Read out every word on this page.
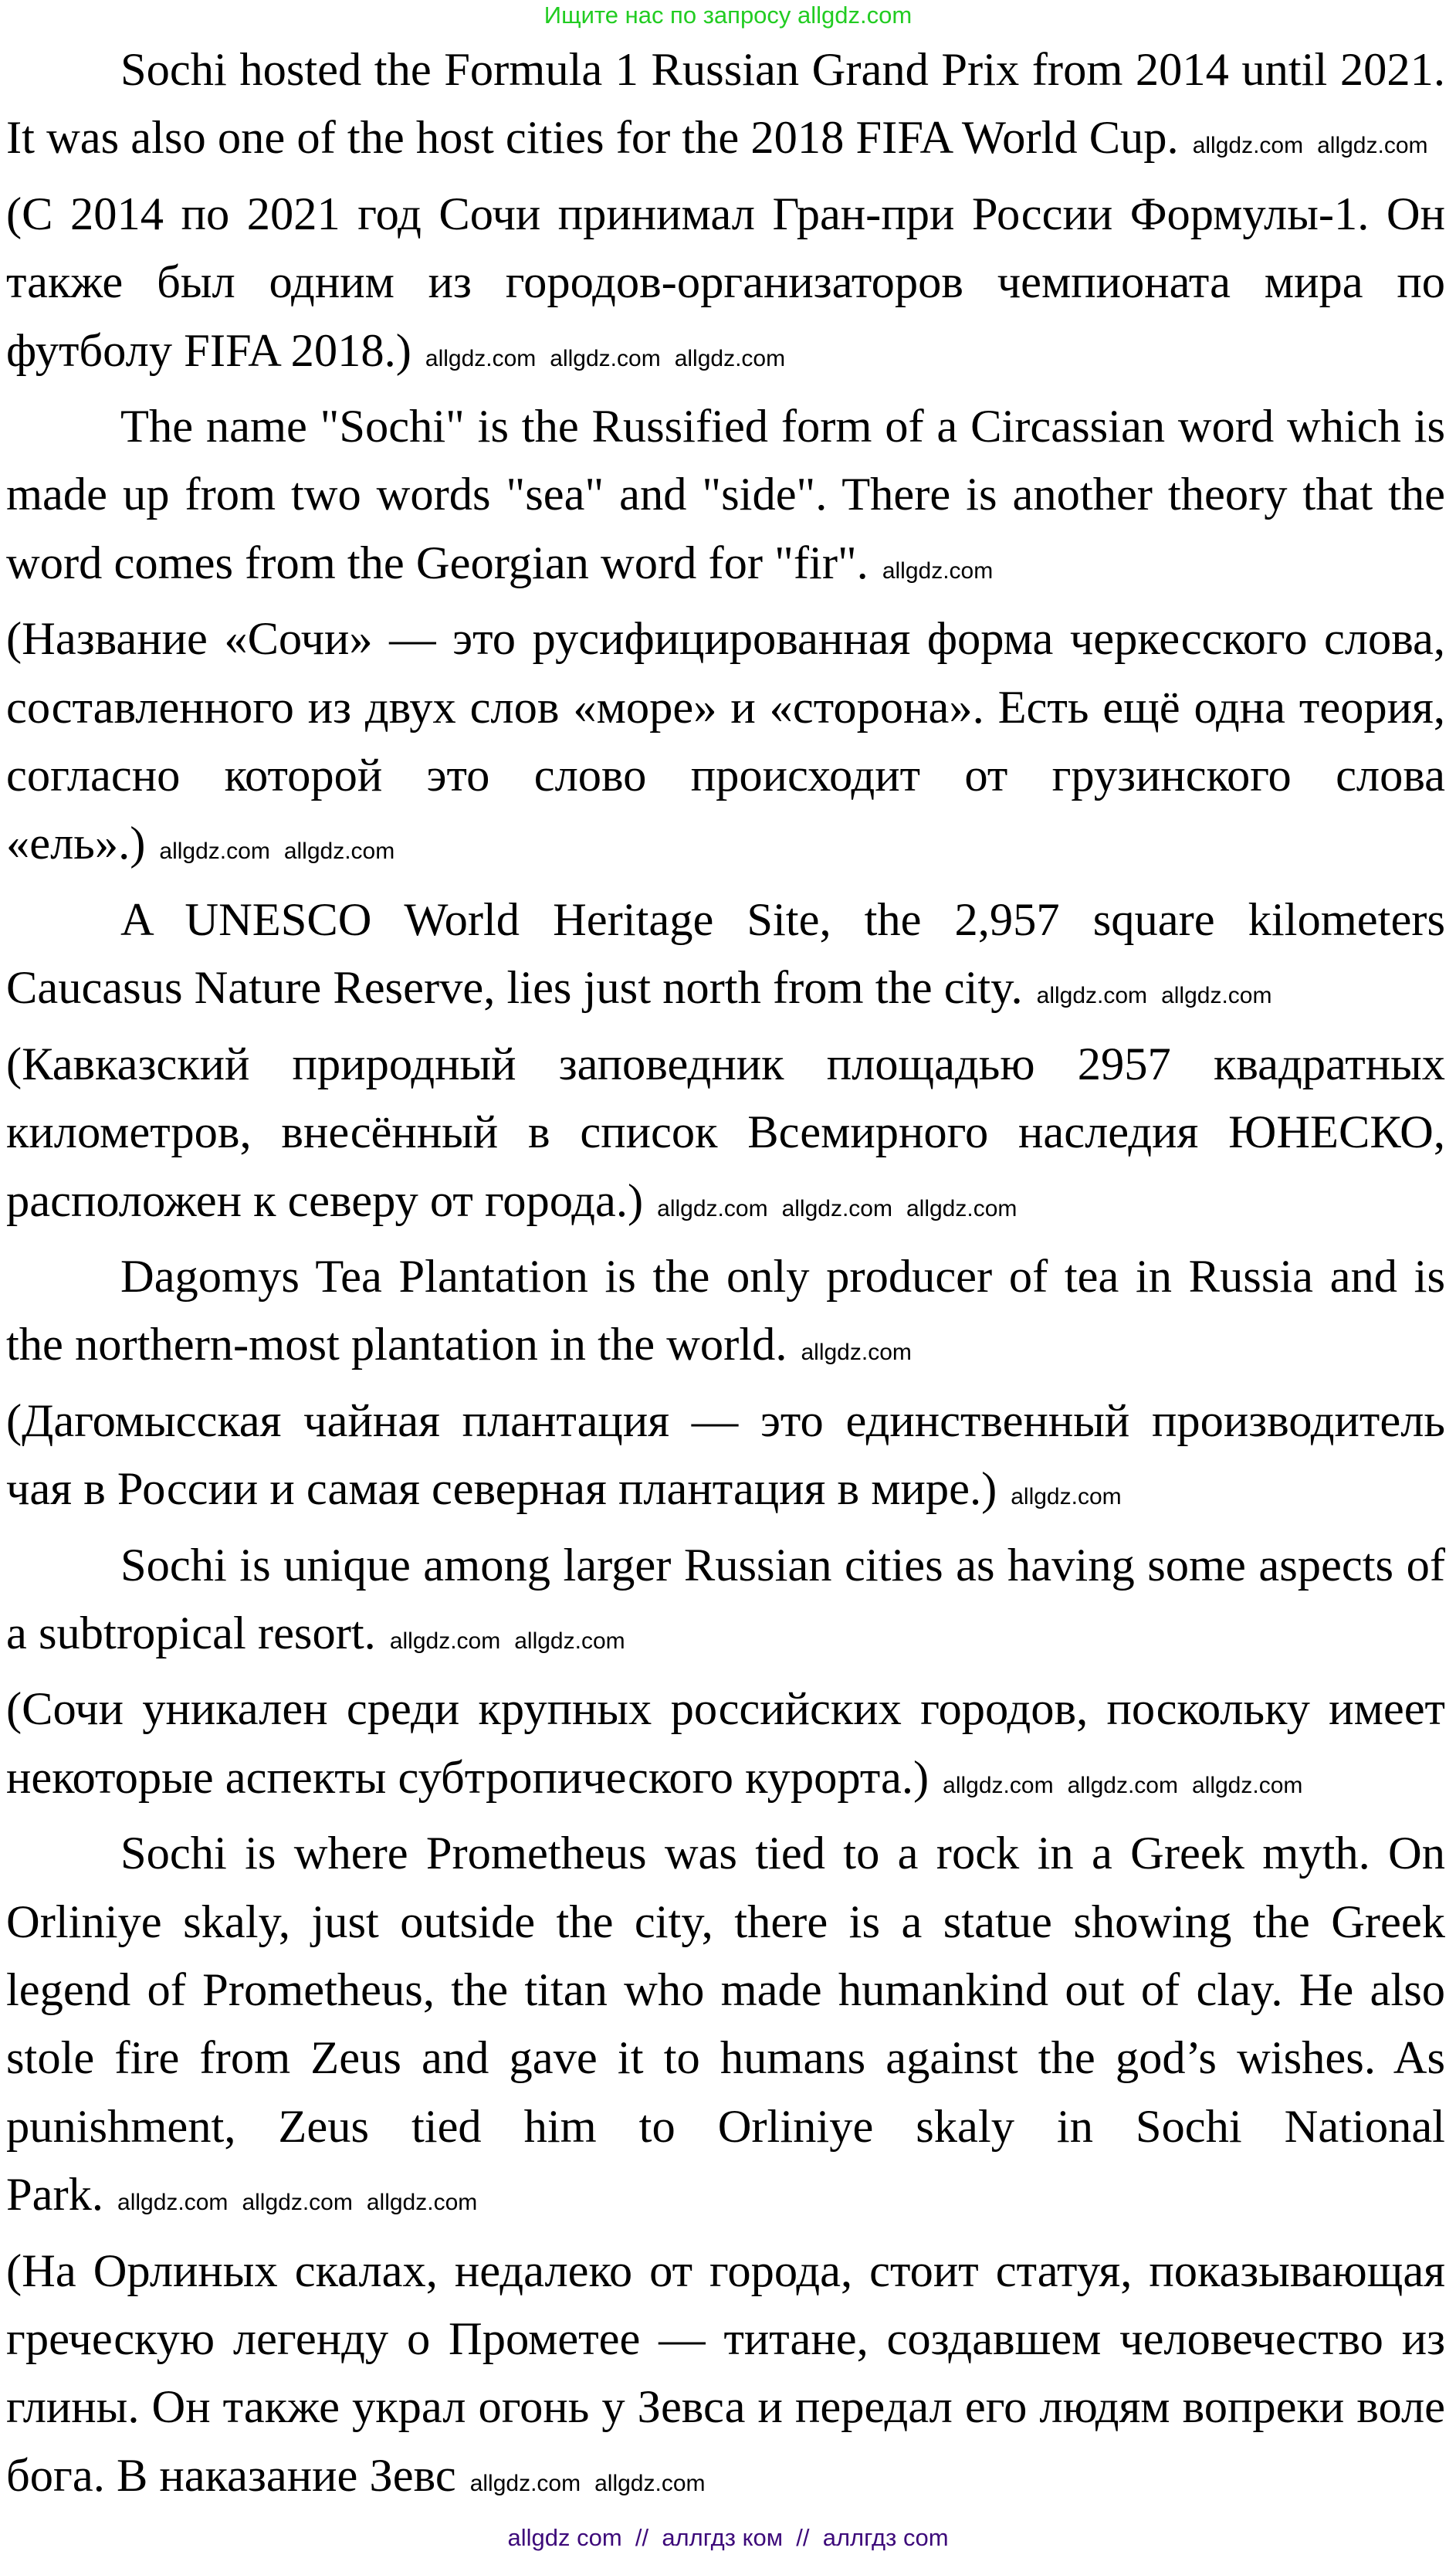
Ищите нас по запросу allgdz.com

Sochi hosted the Formula 1 Russian Grand Prix from 2014 until 2021. It was also one of the host cities for the 2018 FIFA World Cup. allgdz.com allgdz.com

(С 2014 по 2021 год Сочи принимал Гран-при России Формулы-1. Он также был одним из городов-организаторов чемпионата мира по футболу FIFA 2018.) allgdz.com allgdz.com allgdz.com

The name "Sochi" is the Russified form of a Circassian word which is made up from two words "sea" and "side". There is another theory that the word comes from the Georgian word for "fir". allgdz.com

(Название «Сочи» — это русифицированная форма черкесского слова, составленного из двух слов «море» и «сторона». Есть ещё одна теория, согласно которой это слово происходит от грузинского слова «ель».) allgdz.com allgdz.com

A UNESCO World Heritage Site, the 2,957 square kilometers Caucasus Nature Reserve, lies just north from the city. allgdz.com allgdz.com

(Кавказский природный заповедник площадью 2957 квадратных километров, внесённый в список Всемирного наследия ЮНЕСКО, расположен к северу от города.) allgdz.com allgdz.com allgdz.com

Dagomys Tea Plantation is the only producer of tea in Russia and is the northern-most plantation in the world. allgdz.com

(Дагомысская чайная плантация — это единственный производитель чая в России и самая северная плантация в мире.) allgdz.com

Sochi is unique among larger Russian cities as having some aspects of a subtropical resort. allgdz.com allgdz.com

(Сочи уникален среди крупных российских городов, поскольку имеет некоторые аспекты субтропического курорта.) allgdz.com allgdz.com allgdz.com

Sochi is where Prometheus was tied to a rock in a Greek myth. On Orliniye skaly, just outside the city, there is a statue showing the Greek legend of Prometheus, the titan who made humankind out of clay. He also stole fire from Zeus and gave it to humans against the god’s wishes. As punishment, Zeus tied him to Orliniye skaly in Sochi National Park. allgdz.com allgdz.com allgdz.com

(На Орлиных скалах, недалеко от города, стоит статуя, показывающая греческую легенду о Прометее — титане, создавшем человечество из глины. Он также украл огонь у Зевса и передал его людям вопреки воле бога. В наказание Зевс allgdz.com allgdz.com

allgdz com  //  аллгдз ком  //  аллгдз com
